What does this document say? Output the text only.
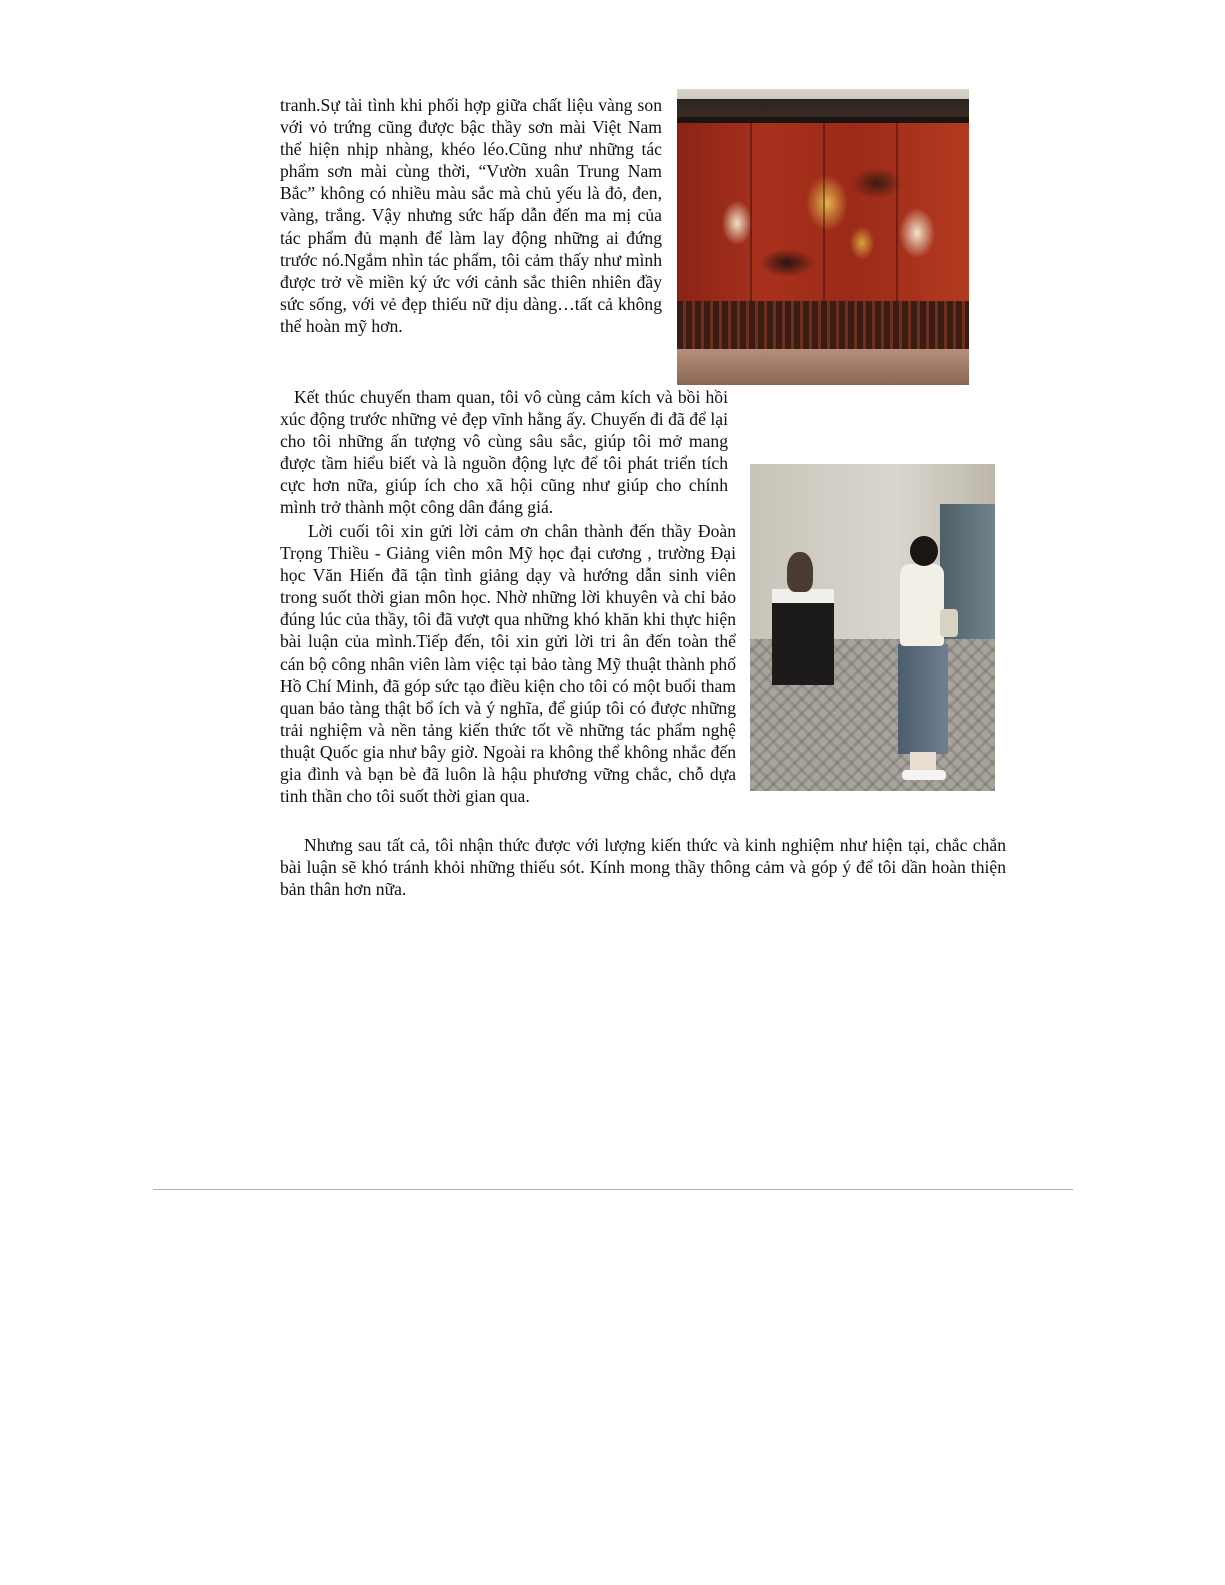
tranh.Sự tài tình khi phối hợp giữa chất liệu vàng son với vỏ trứng cũng được bậc thầy sơn mài Việt Nam thể hiện nhịp nhàng, khéo léo.Cũng như những tác phẩm sơn mài cùng thời, “Vườn xuân Trung Nam Bắc” không có nhiều màu sắc mà chủ yếu là đỏ, đen, vàng, trắng. Vậy nhưng sức hấp dẫn đến ma mị của tác phẩm đủ mạnh để làm lay động những ai đứng trước nó.Ngắm nhìn tác phẩm, tôi cảm thấy như mình được trở về miền ký ức với cảnh sắc thiên nhiên đầy sức sống, với vẻ đẹp thiếu nữ dịu dàng…tất cả không thể hoàn mỹ hơn.

Kết thúc chuyến tham quan, tôi vô cùng cảm kích và bồi hồi xúc động trước những vẻ đẹp vĩnh hằng ấy. Chuyến đi đã để lại cho tôi những ấn tượng vô cùng sâu sắc, giúp tôi mở mang được tầm hiểu biết và là nguồn động lực để tôi phát triển tích cực hơn nữa, giúp ích cho xã hội cũng như giúp cho chính mình trở thành một công dân đáng giá.

Lời cuối tôi xin gửi lời cảm ơn chân thành đến thầy Đoàn Trọng Thiều - Giảng viên môn Mỹ học đại cương , trường Đại học Văn Hiến đã tận tình giảng dạy và hướng dẫn sinh viên trong suốt thời gian môn học. Nhờ những lời khuyên và chỉ bảo đúng lúc của thầy, tôi đã vượt qua những khó khăn khi thực hiện bài luận của mình.Tiếp đến, tôi xin gửi lời tri ân đến toàn thể cán bộ công nhân viên làm việc tại bảo tàng Mỹ thuật thành phố Hồ Chí Minh, đã góp sức tạo điều kiện cho tôi có một buổi tham quan bảo tàng thật bổ ích và ý nghĩa, để giúp tôi có được những trải nghiệm và nền tảng kiến thức tốt về những tác phẩm nghệ thuật Quốc gia như bây giờ. Ngoài ra không thể không nhắc đến gia đình và bạn bè đã luôn là hậu phương vững chắc, chỗ dựa tinh thần cho tôi suốt thời gian qua.

Nhưng sau tất cả, tôi nhận thức được với lượng kiến thức và kinh nghiệm như hiện tại, chắc chắn bài luận sẽ khó tránh khỏi những thiếu sót. Kính mong thầy thông cảm và góp ý để tôi dần hoàn thiện bản thân hơn nữa.
